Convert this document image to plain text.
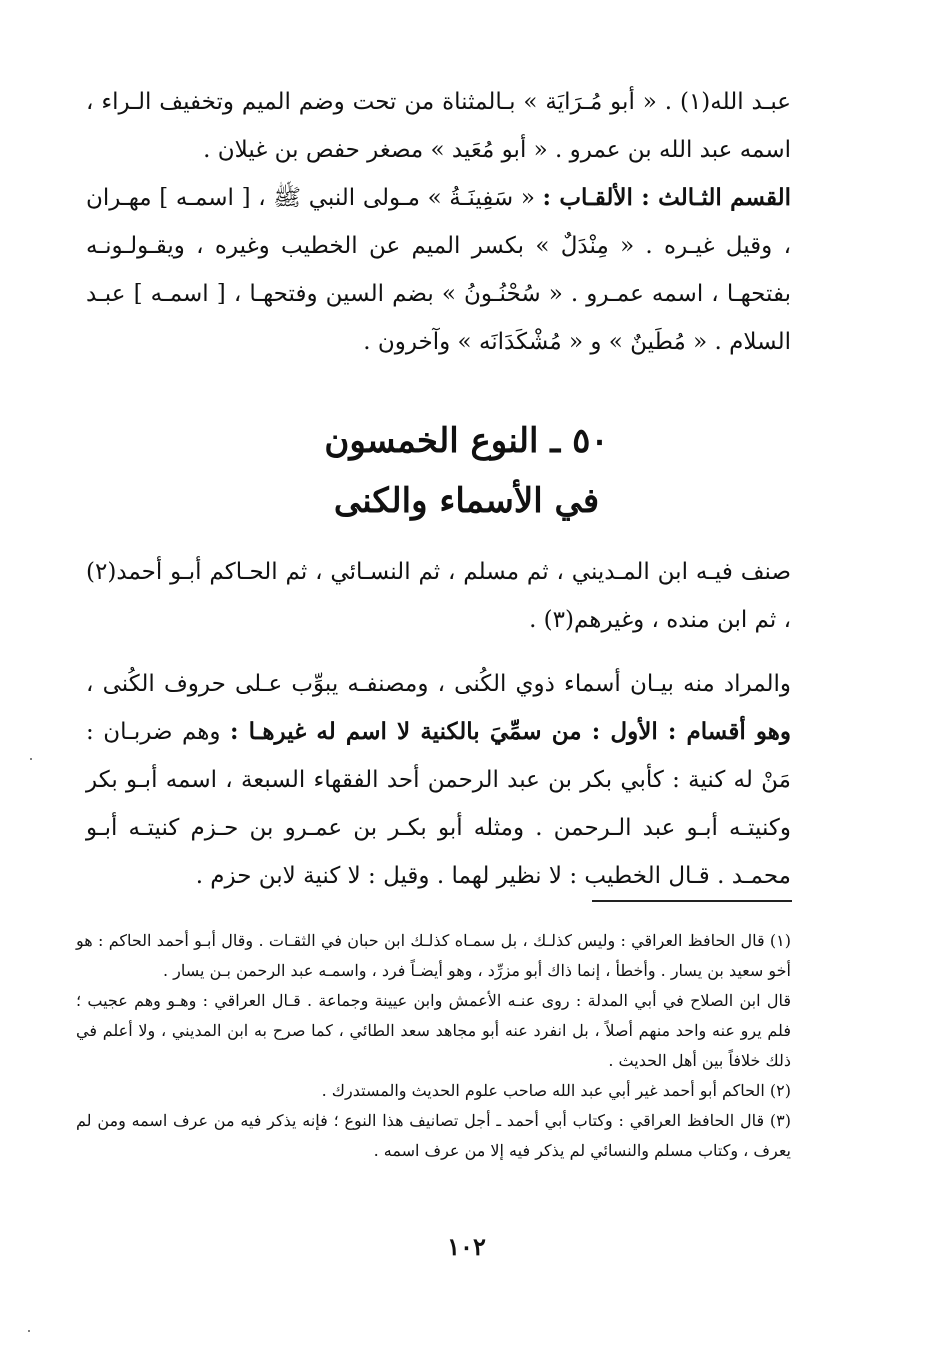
عبـد الله(١) . « أبو مُـرَايَة » بـالمثناة من تحت وضم الميم وتخفيف الـراء ، اسمه عبد الله بن عمرو . « أبو مُعَيد » مصغر حفص بن غيلان .

القسم الثـالث : الألقـاب : « سَفِينَـةُ » مـولى النبي ﷺ ، [ اسمـه ] مهـران ، وقيل غيـره . « مِنْدَلٌ » بكسر الميم عن الخطيب وغيره ، ويقـولـونـه بفتحهـا ، اسمه عمـرو . « سُحْنُـونُ » بضم السين وفتحهـا ، [ اسمـه ] عبـد السلام . « مُطَينٌ » و « مُشْكَدَانَه » وآخرون .

٥٠ ـ النوع الخمسون
في الأسماء والكنى

صنف فيـه ابن المـديني ، ثم مسلم ، ثم النسـائي ، ثم الحـاكم أبـو أحمد(٢) ، ثم ابن منده ، وغيرهم(٣) .

والمراد منه بيـان أسماء ذوي الكُنى ، ومصنفـه يبوِّب عـلى حروف الكُنى ، وهو أقسام : الأول : من سمِّيَ بالكنية لا اسم له غيرهـا : وهم ضربـان : مَنْ له كنية : كأبي بكر بن عبد الرحمن أحد الفقهاء السبعة ، اسمه أبـو بكر وكنيتـه أبـو عبد الـرحمن . ومثله أبو بكـر بن عمـرو بن حـزم كنيتـه أبـو محمـد . قـال الخطيب : لا نظير لهما . وقيل : لا كنية لابن حزم .

(١) قال الحافظ العراقي : وليس كذلـك ، بل سمـاه كذلـك ابن حبان في الثقـات . وقال أبـو أحمد الحاكم : هو أخو سعيد بن يسار . وأخطأ ، إنما ذاك أبو مزرِّد ، وهو أيضـاً فرد ، واسمـه عبد الرحمن بـن يسار .

قال ابن الصلاح في أبي المدلة : روى عنـه الأعمش وابن عيينة وجماعة . قـال العراقي : وهـو وهم عجيب ؛ فلم يرو عنه واحد منهم أصلاً ، بل انفرد عنه أبو مجاهد سعد الطائي ، كما صرح به ابن المديني ، ولا أعلم في ذلك خلافاً بين أهل الحديث .

(٢) الحاكم أبو أحمد غير أبي عبد الله صاحب علوم الحديث والمستدرك .

(٣) قال الحافظ العراقي : وكتاب أبي أحمد ـ أجل تصانيف هذا النوع ؛ فإنه يذكر فيه من عرف اسمه ومن لم يعرف ، وكتاب مسلم والنسائي لم يذكر فيه إلا من عرف اسمه .

١٠٢
